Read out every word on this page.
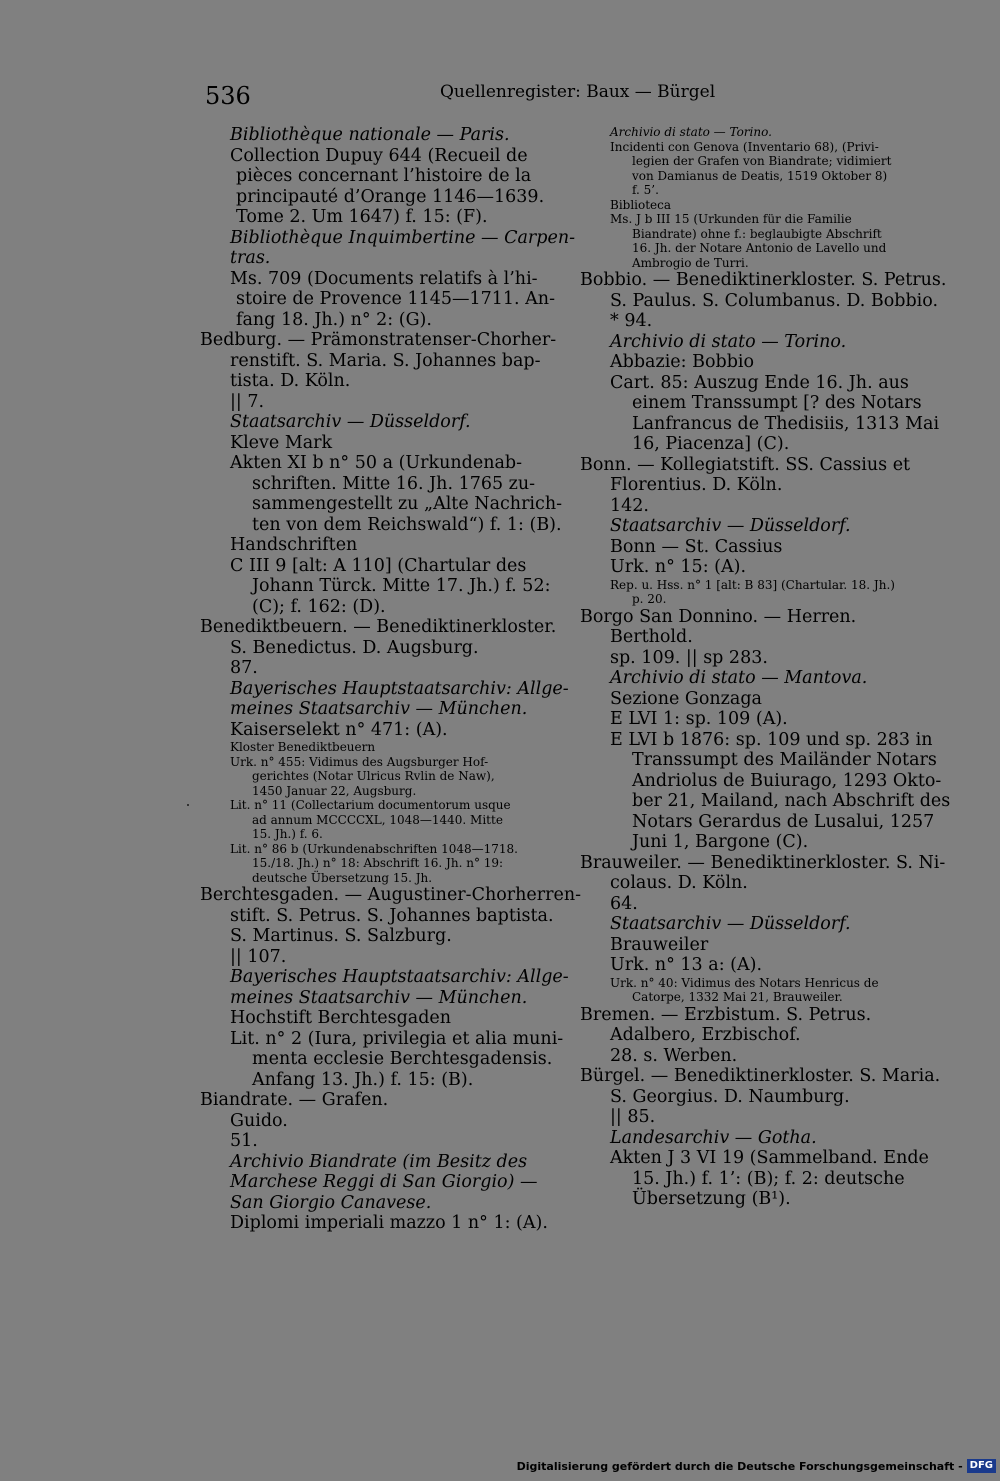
536	Quellenregister: Baux — Bürgel
Bibliothèque nationale — Paris.
Collection Dupuy 644 (Recueil de
pièces concernant l’histoire de la
principauté d’Orange 1146—1639.
Tome 2. Um 1647) f. 15: (F).
Bibliothèque Inquimbertine — Carpen-
tras.
Ms. 709 (Documents relatifs à l’hi-
stoire de Provence 1145—1711. An-
fang 18. Jh.) n° 2: (G).
Bedburg. — Prämonstratenser-Chorher-
renstift. S. Maria. S. Johannes bap-
tista. D. Köln.
|| 7.
Staatsarchiv — Düsseldorf.
Kleve Mark
Akten XI b n° 50 a (Urkundenab-
schriften. Mitte 16. Jh. 1765 zu-
sammengestellt zu „Alte Nachrich-
ten von dem Reichswald“) f. 1: (B).
Handschriften
C III 9 [alt: A 110] (Chartular des
Johann Türck. Mitte 17. Jh.) f. 52:
(C); f. 162: (D).
Benediktbeuern. — Benediktinerkloster.
S. Benedictus. D. Augsburg.
87.
Bayerisches Hauptstaatsarchiv: Allge-
meines Staatsarchiv — München.
Kaiserselekt n° 471: (A).
Kloster Benediktbeuern
Urk. n° 455: Vidimus des Augsburger Hof-
gerichtes (Notar Ulricus Rvlin de Naw),
1450 Januar 22, Augsburg.
Lit. n° 11 (Collectarium documentorum usque
ad annum MCCCCXL, 1048—1440. Mitte
15. Jh.) f. 6.
Lit. n° 86 b (Urkundenabschriften 1048—1718.
15./18. Jh.) n° 18: Abschrift 16. Jh. n° 19:
deutsche Übersetzung 15. Jh.
Berchtesgaden. — Augustiner-Chorherren-
stift. S. Petrus. S. Johannes baptista.
S. Martinus. S. Salzburg.
|| 107.
Bayerisches Hauptstaatsarchiv: Allge-
meines Staatsarchiv — München.
Hochstift Berchtesgaden
Lit. n° 2 (Iura, privilegia et alia muni-
menta ecclesie Berchtesgadensis.
Anfang 13. Jh.) f. 15: (B).
Biandrate. — Grafen.
Guido.
51.
Archivio Biandrate (im Besitz des
Marchese Reggi di San Giorgio) —
San Giorgio Canavese.
Diplomi imperiali mazzo 1 n° 1: (A).
Archivio di stato — Torino.
Incidenti con Genova (Inventario 68), (Privi-
legien der Grafen von Biandrate; vidimiert
von Damianus de Deatis, 1519 Oktober 8)
f. 5’.
Biblioteca
Ms. J b III 15 (Urkunden für die Familie
Biandrate) ohne f.: beglaubigte Abschrift
16. Jh. der Notare Antonio de Lavello und
Ambrogio de Turri.
Bobbio. — Benediktinerkloster. S. Petrus.
S. Paulus. S. Columbanus. D. Bobbio.
* 94.
Archivio di stato — Torino.
Abbazie: Bobbio
Cart. 85: Auszug Ende 16. Jh. aus
einem Transsumpt [? des Notars
Lanfrancus de Thedisiis, 1313 Mai
16, Piacenza] (C).
Bonn. — Kollegiatstift. SS. Cassius et
Florentius. D. Köln.
142.
Staatsarchiv — Düsseldorf.
Bonn — St. Cassius
Urk. n° 15: (A).
Rep. u. Hss. n° 1 [alt: B 83] (Chartular. 18. Jh.)
p. 20.
Borgo San Donnino. — Herren.
Berthold.
sp. 109. || sp 283.
Archivio di stato — Mantova.
Sezione Gonzaga
E LVI 1: sp. 109 (A).
E LVI b 1876: sp. 109 und sp. 283 in
Transsumpt des Mailänder Notars
Andriolus de Buiurago, 1293 Okto-
ber 21, Mailand, nach Abschrift des
Notars Gerardus de Lusalui, 1257
Juni 1, Bargone (C).
Brauweiler. — Benediktinerkloster. S. Ni-
colaus. D. Köln.
64.
Staatsarchiv — Düsseldorf.
Brauweiler
Urk. n° 13 a: (A).
Urk. n° 40: Vidimus des Notars Henricus de
Catorpe, 1332 Mai 21, Brauweiler.
Bremen. — Erzbistum. S. Petrus.
Adalbero, Erzbischof.
28. s. Werben.
Bürgel. — Benediktinerkloster. S. Maria.
S. Georgius. D. Naumburg.
|| 85.
Landesarchiv — Gotha.
Akten J 3 VI 19 (Sammelband. Ende
15. Jh.) f. 1’: (B); f. 2: deutsche
Übersetzung (B¹).
Digitalisierung gefördert durch die Deutsche Forschungsgemeinschaft - DFG
